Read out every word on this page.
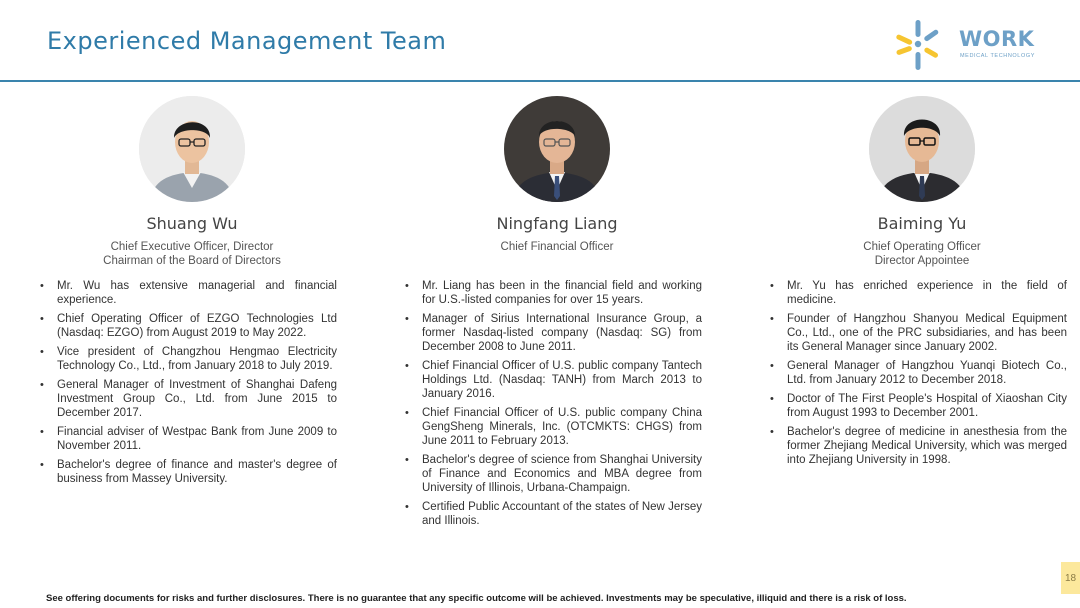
Experienced Management Team	WORK
MEDICAL TECHNOLOGY
Shuang Wu
Chief Executive Officer, Director
Chairman of the Board of Directors
• Mr. Wu has extensive managerial and financial experience.
• Chief Operating Officer of EZGO Technologies Ltd (Nasdaq: EZGO) from August 2019 to May 2022.
• Vice president of Changzhou Hengmao Electricity Technology Co., Ltd., from January 2018 to July 2019.
• General Manager of Investment of Shanghai Dafeng Investment Group Co., Ltd. from June 2015 to December 2017.
• Financial adviser of Westpac Bank from June 2009 to November 2011.
• Bachelor's degree of finance and master's degree of business from Massey University.
Ningfang Liang
Chief Financial Officer
• Mr. Liang has been in the financial field and working for U.S.-listed companies for over 15 years.
• Manager of Sirius International Insurance Group, a former Nasdaq-listed company (Nasdaq: SG) from December 2008 to June 2011.
• Chief Financial Officer of U.S. public company Tantech Holdings Ltd. (Nasdaq: TANH) from March 2013 to January 2016.
• Chief Financial Officer of U.S. public company China GengSheng Minerals, Inc. (OTCMKTS: CHGS) from June 2011 to February 2013.
• Bachelor's degree of science from Shanghai University of Finance and Economics and MBA degree from University of Illinois, Urbana-Champaign.
• Certified Public Accountant of the states of New Jersey and Illinois.
Baiming Yu
Chief Operating Officer
Director Appointee
• Mr. Yu has enriched experience in the field of medicine.
• Founder of Hangzhou Shanyou Medical Equipment Co., Ltd., one of the PRC subsidiaries, and has been its General Manager since January 2002.
• General Manager of Hangzhou Yuanqi Biotech Co., Ltd. from January 2012 to December 2018.
• Doctor of The First People's Hospital of Xiaoshan City from August 1993 to December 2001.
• Bachelor's degree of medicine in anesthesia from the former Zhejiang Medical University, which was merged into Zhejiang University in 1998.
18
See offering documents for risks and further disclosures. There is no guarantee that any specific outcome will be achieved. Investments may be speculative, illiquid and there is a risk of loss.
